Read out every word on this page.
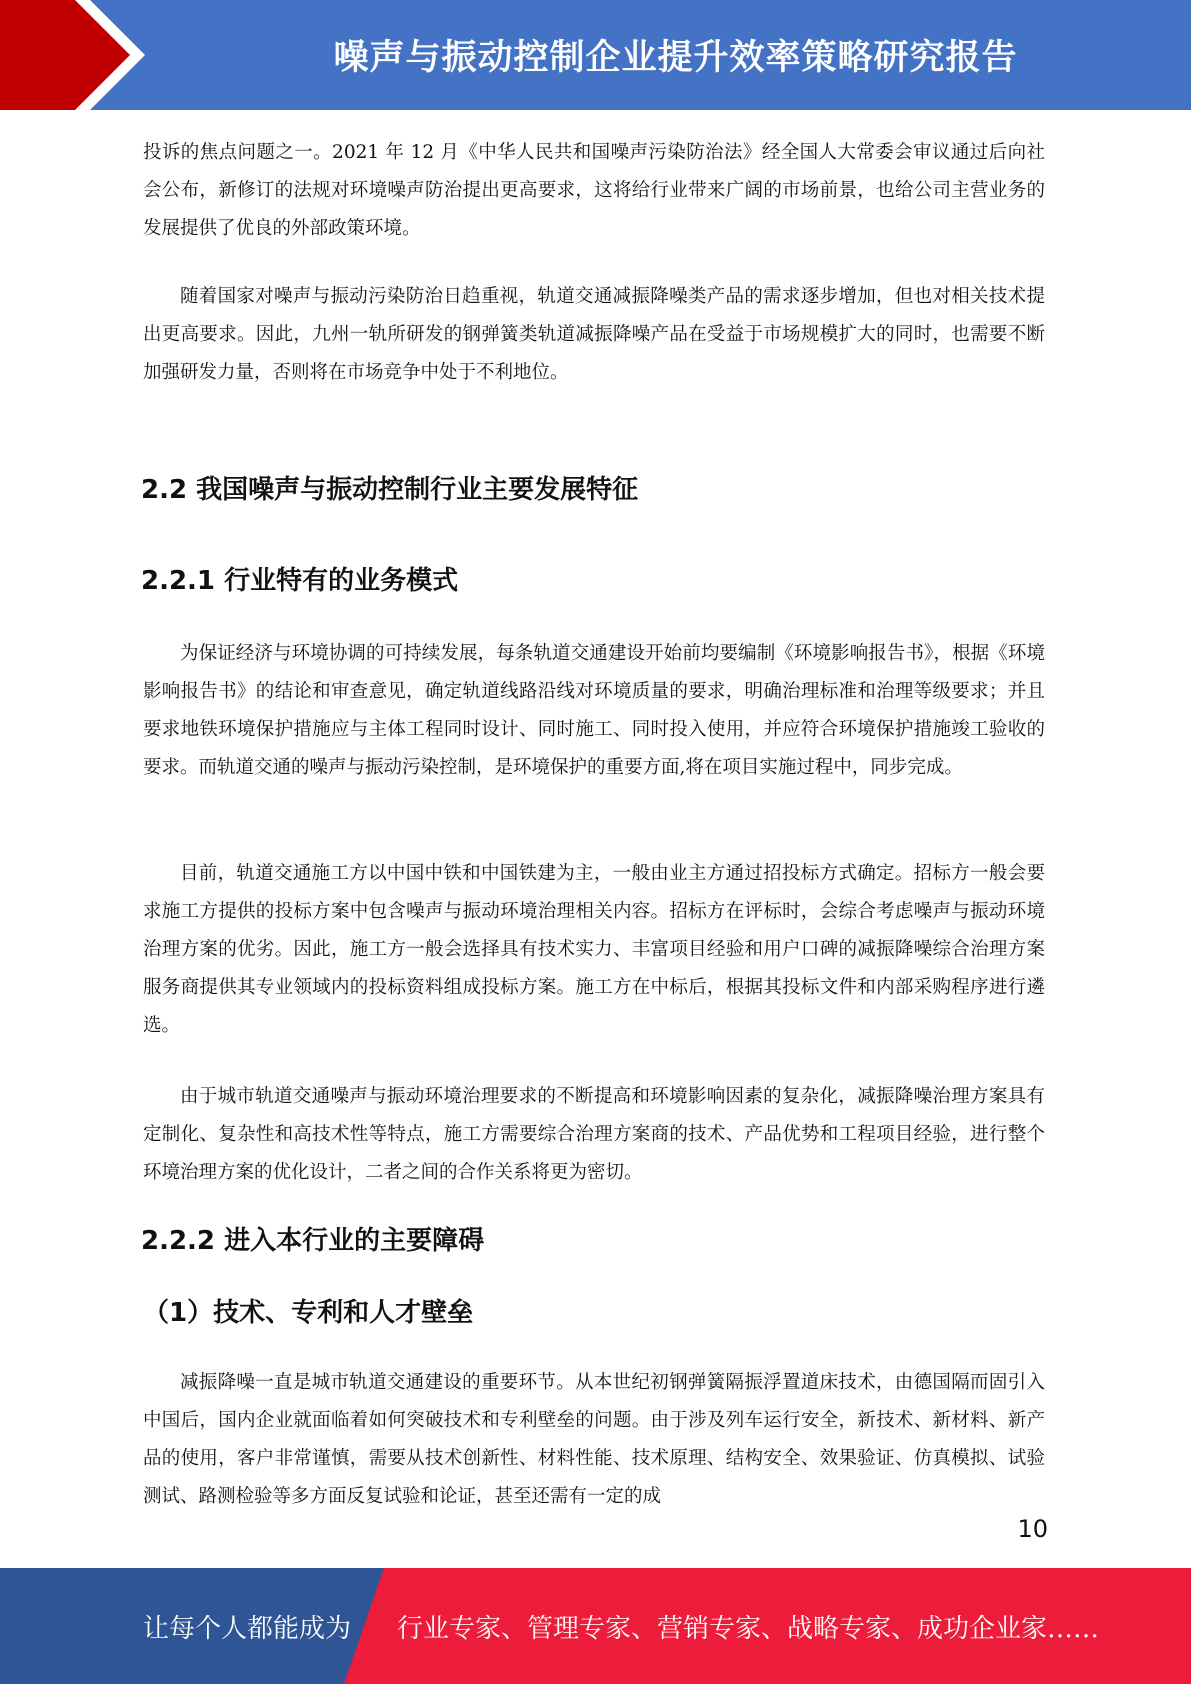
噪声与振动控制企业提升效率策略研究报告
投诉的焦点问题之一。2021 年 12 月《中华人民共和国噪声污染防治法》经全国人大常委会审议通过后向社会公布，新修订的法规对环境噪声防治提出更高要求，这将给行业带来广阔的市场前景，也给公司主营业务的发展提供了优良的外部政策环境。
随着国家对噪声与振动污染防治日趋重视，轨道交通减振降噪类产品的需求逐步增加，但也对相关技术提出更高要求。因此，九州一轨所研发的钢弹簧类轨道减振降噪产品在受益于市场规模扩大的同时，也需要不断加强研发力量，否则将在市场竞争中处于不利地位。
2.2 我国噪声与振动控制行业主要发展特征
2.2.1 行业特有的业务模式
为保证经济与环境协调的可持续发展，每条轨道交通建设开始前均要编制《环境影响报告书》，根据《环境影响报告书》的结论和审查意见，确定轨道线路沿线对环境质量的要求，明确治理标准和治理等级要求；并且要求地铁环境保护措施应与主体工程同时设计、同时施工、同时投入使用，并应符合环境保护措施竣工验收的要求。而轨道交通的噪声与振动污染控制，是环境保护的重要方面,将在项目实施过程中，同步完成。
目前，轨道交通施工方以中国中铁和中国铁建为主，一般由业主方通过招投标方式确定。招标方一般会要求施工方提供的投标方案中包含噪声与振动环境治理相关内容。招标方在评标时，会综合考虑噪声与振动环境治理方案的优劣。因此，施工方一般会选择具有技术实力、丰富项目经验和用户口碑的减振降噪综合治理方案服务商提供其专业领域内的投标资料组成投标方案。施工方在中标后，根据其投标文件和内部采购程序进行遴选。
由于城市轨道交通噪声与振动环境治理要求的不断提高和环境影响因素的复杂化，减振降噪治理方案具有定制化、复杂性和高技术性等特点，施工方需要综合治理方案商的技术、产品优势和工程项目经验，进行整个环境治理方案的优化设计，二者之间的合作关系将更为密切。
2.2.2 进入本行业的主要障碍
（1）技术、专利和人才壁垒
减振降噪一直是城市轨道交通建设的重要环节。从本世纪初钢弹簧隔振浮置道床技术，由德国隔而固引入中国后，国内企业就面临着如何突破技术和专利壁垒的问题。由于涉及列车运行安全，新技术、新材料、新产品的使用，客户非常谨慎，需要从技术创新性、材料性能、技术原理、结构安全、效果验证、仿真模拟、试验测试、路测检验等多方面反复试验和论证，甚至还需有一定的成
10
让每个人都能成为 行业专家、管理专家、营销专家、战略专家、成功企业家……
